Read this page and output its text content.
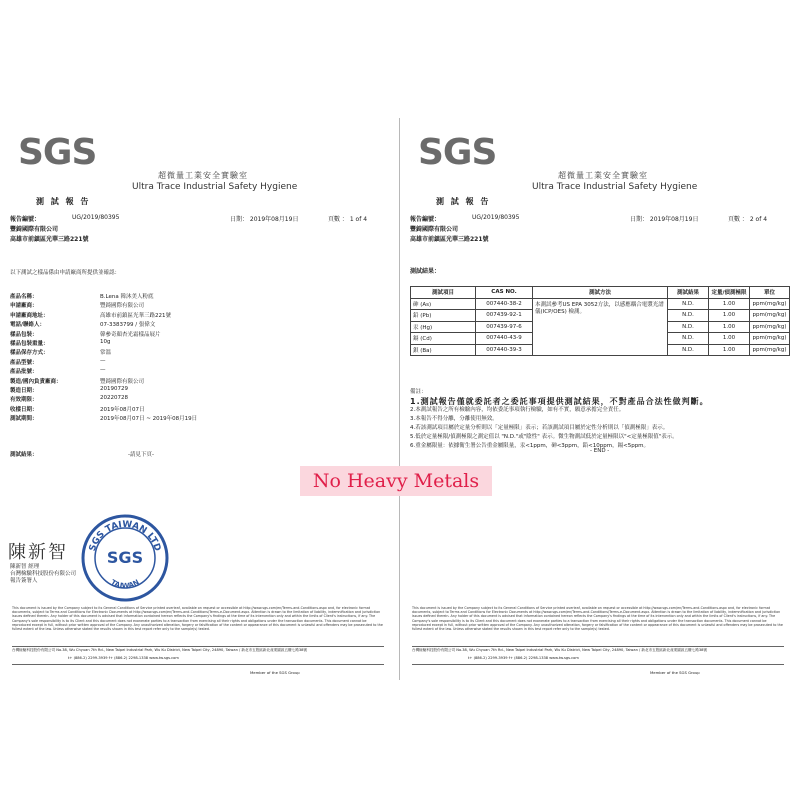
SGS
超微量工業安全實驗室
Ultra Trace Industrial Safety Hygiene
測 試 報 告
報告編號：	UG/2019/80395	日期： 2019年08月19日	頁數 ： 1 of 4
豐錡國際有限公司
高雄市前鎮區光華三路221號
以下測試之樣品係由申請廠商所提供並確認：
產品名稱：	B.Lena 韓沐美人粉底
申請廠商：	豐錡國際有限公司
申請廠商地址：	高雄市前鎮區光華三路221號
電話/聯絡人：	07-3383799 / 張偉文
樣品包裝：	韓參奇顏杏光霜樣品展片
樣品包裝重量：	10g
樣品保存方式：	常溫
產品型號：	—
產品批號：	—
製造/國內負責廠商：	豐錡國際有限公司
製造日期：	20190729
有效期限：	20220728
收樣日期：	2019年08月07日
測試期間：	2019年08月07日 ~ 2019年08月19日
測試結果：	-請見下頁-
陳新智
陳新智 經理
台灣檢驗科技股份有限公司
報告簽署人
SGS TAIWAN LTD
SGS
TAIWAN
This document is issued by the Company subject to its General Conditions of Service printed overleaf, available on request or accessible at http://www.sgs.com/en/Terms-and-Conditions.aspx and, for electronic format documents, subject to Terms and Conditions for Electronic Documents at http://www.sgs.com/en/Terms-and-Conditions/Terms-e-Document.aspx. Attention is drawn to the limitation of liability, indemnification and jurisdiction issues defined therein. Any holder of this document is advised that information contained hereon reflects the Company's findings at the time of its intervention only and within the limits of Client's instructions, if any. The Company's sole responsibility is to its Client and this document does not exonerate parties to a transaction from exercising all their rights and obligations under the transaction documents. This document cannot be reproduced except in full, without prior written approval of the Company. Any unauthorized alteration, forgery or falsification of the content or appearance of this document is unlawful and offenders may be prosecuted to the fullest extent of the law. Unless otherwise stated the results shown in this test report refer only to the sample(s) tested.
台灣檢驗科技股份有限公司 No.38, Wu Chyuan 7th Rd., New Taipei Industrial Park, Wu Ku District, New Taipei City, 24890, Taiwan / 新北市五股區新北產業園區五權七路38號
t+ (886-2) 2299-3939 f+ (886-2) 2298-1338 www.tw.sgs.com
Member of the SGS Group
SGS
超微量工業安全實驗室
Ultra Trace Industrial Safety Hygiene
測 試 報 告
報告編號：	UG/2019/80395	日期： 2019年08月19日	頁數 ： 2 of 4
豐錡國際有限公司
高雄市前鎮區光華三路221號
測試結果：
測試項目	CAS NO.	測試方法	測試結果	定量/偵測極限	單位
砷 (As)	007440-38-2	本測試參考US EPA 3052方法，以感應耦合電漿光譜儀(ICP/OES) 檢測。	N.D.	1.00	ppm(mg/kg)
鉛 (Pb)	007439-92-1		N.D.	1.00	ppm(mg/kg)
汞 (Hg)	007439-97-6		N.D.	1.00	ppm(mg/kg)
鎘 (Cd)	007440-43-9		N.D.	1.00	ppm(mg/kg)
鋇 (Ba)	007440-39-3		N.D.	1.00	ppm(mg/kg)
備註：
1.測試報告僅就委託者之委託事項提供測試結果，不對產品合法性做判斷。
2.本測試報告之所有檢驗內容，均依委託事項執行檢驗，如有不實，願意承擔完全責任。
3.本報告不得分離，分離使用無效。
4.若該測試項目屬於定量分析則以「定量極限」表示；若該測試項目屬於定性分析則以「偵測極限」表示。
5.低於定量極限/偵測極限之測定值以 "N.D."或"陰性" 表示。微生物測試低於定量極限以"<定量極限值"表示。
6.重金屬限量：依據衛生署公告重金屬限量，汞<1ppm，砷<3ppm，鉛<10ppm，鎘<5ppm。
- END -
This document is issued by the Company subject to its General Conditions of Service printed overleaf, available on request or accessible at http://www.sgs.com/en/Terms-and-Conditions.aspx and, for electronic format documents, subject to Terms and Conditions for Electronic Documents at http://www.sgs.com/en/Terms-and-Conditions/Terms-e-Document.aspx. Attention is drawn to the limitation of liability, indemnification and jurisdiction issues defined therein. Any holder of this document is advised that information contained hereon reflects the Company's findings at the time of its intervention only and within the limits of Client's instructions, if any. The Company's sole responsibility is to its Client and this document does not exonerate parties to a transaction from exercising all their rights and obligations under the transaction documents. This document cannot be reproduced except in full, without prior written approval of the Company. Any unauthorized alteration, forgery or falsification of the content or appearance of this document is unlawful and offenders may be prosecuted to the fullest extent of the law. Unless otherwise stated the results shown in this test report refer only to the sample(s) tested.
台灣檢驗科技股份有限公司 No.38, Wu Chyuan 7th Rd., New Taipei Industrial Park, Wu Ku District, New Taipei City, 24890, Taiwan / 新北市五股區新北產業園區五權七路38號
t+ (886-2) 2299-3939 f+ (886-2) 2298-1338 www.tw.sgs.com
Member of the SGS Group
No Heavy Metals
